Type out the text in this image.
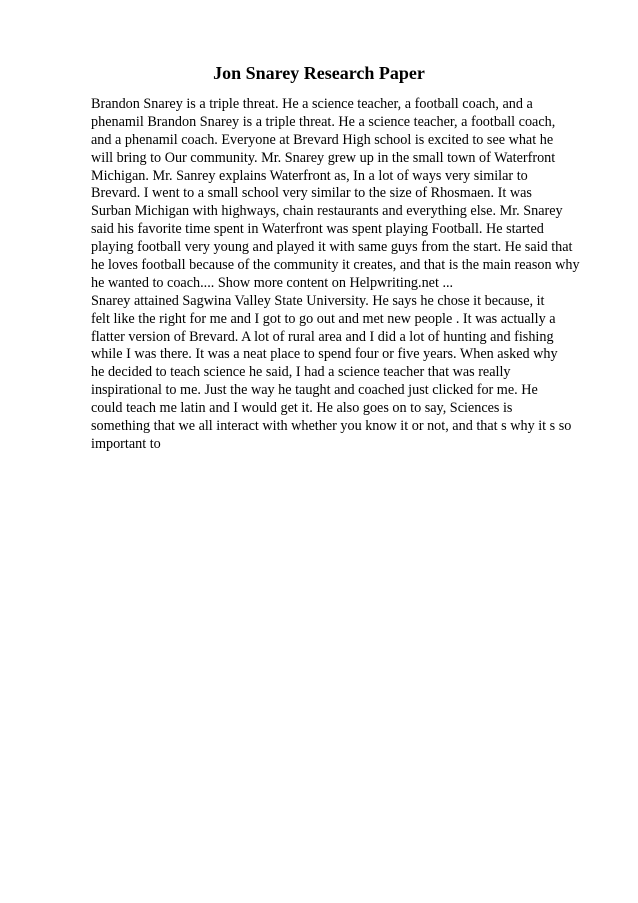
Jon Snarey Research Paper
Brandon Snarey is a triple threat. He a science teacher, a football coach, and a
phenamil Brandon Snarey is a triple threat. He a science teacher, a football coach,
and a phenamil coach. Everyone at Brevard High school is excited to see what he
will bring to Our community. Mr. Snarey grew up in the small town of Waterfront
Michigan. Mr. Sanrey explains Waterfront as, In a lot of ways very similar to
Brevard. I went to a small school very similar to the size of Rhosmaen. It was
Surban Michigan with highways, chain restaurants and everything else. Mr. Snarey
said his favorite time spent in Waterfront was spent playing Football. He started
playing football very young and played it with same guys from the start. He said that
he loves football because of the community it creates, and that is the main reason why
he wanted to coach.... Show more content on Helpwriting.net ...
Snarey attained Sagwina Valley State University. He says he chose it because, it
felt like the right for me and I got to go out and met new people . It was actually a
flatter version of Brevard. A lot of rural area and I did a lot of hunting and fishing
while I was there. It was a neat place to spend four or five years. When asked why
he decided to teach science he said, I had a science teacher that was really
inspirational to me. Just the way he taught and coached just clicked for me. He
could teach me latin and I would get it. He also goes on to say, Sciences is
something that we all interact with whether you know it or not, and that s why it s so
important to
